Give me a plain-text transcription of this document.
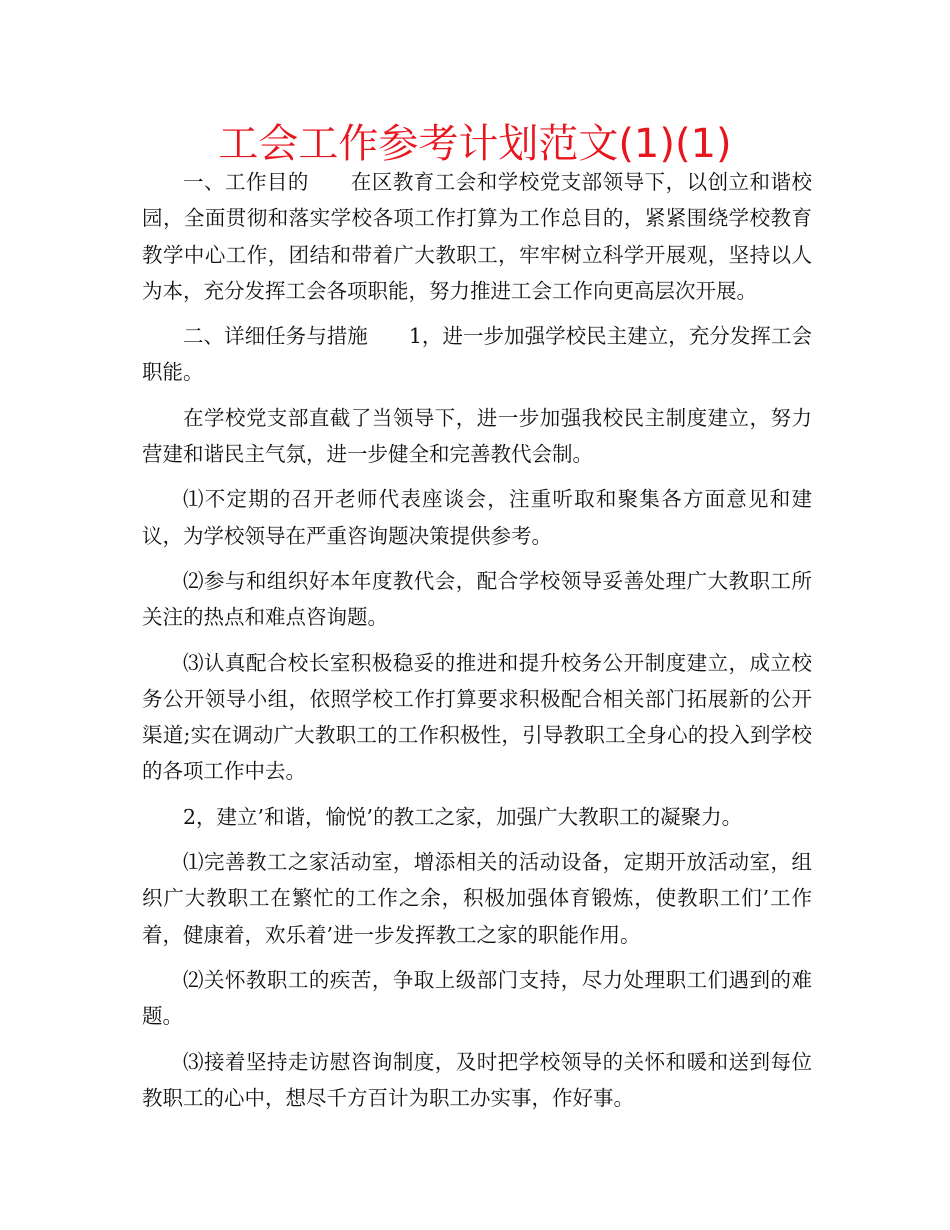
工会工作参考计划范文(1)(1)

一、工作目的　　在区教育工会和学校党支部领导下，以创立和谐校园，全面贯彻和落实学校各项工作打算为工作总目的，紧紧围绕学校教育教学中心工作，团结和带着广大教职工，牢牢树立科学开展观，坚持以人为本，充分发挥工会各项职能，努力推进工会工作向更高层次开展。

二、详细任务与措施　　1，进一步加强学校民主建立，充分发挥工会职能。

在学校党支部直截了当领导下，进一步加强我校民主制度建立，努力营建和谐民主气氛，进一步健全和完善教代会制。

⑴不定期的召开老师代表座谈会，注重听取和聚集各方面意见和建议，为学校领导在严重咨询题决策提供参考。

⑵参与和组织好本年度教代会，配合学校领导妥善处理广大教职工所关注的热点和难点咨询题。

⑶认真配合校长室积极稳妥的推进和提升校务公开制度建立，成立校务公开领导小组，依照学校工作打算要求积极配合相关部门拓展新的公开渠道;实在调动广大教职工的工作积极性，引导教职工全身心的投入到学校的各项工作中去。

2，建立’和谐，愉悦’的教工之家，加强广大教职工的凝聚力。

⑴完善教工之家活动室，增添相关的活动设备，定期开放活动室，组织广大教职工在繁忙的工作之余，积极加强体育锻炼，使教职工们’工作着，健康着，欢乐着’进一步发挥教工之家的职能作用。

⑵关怀教职工的疾苦，争取上级部门支持，尽力处理职工们遇到的难题。

⑶接着坚持走访慰咨询制度，及时把学校领导的关怀和暖和送到每位教职工的心中，想尽千方百计为职工办实事，作好事。
